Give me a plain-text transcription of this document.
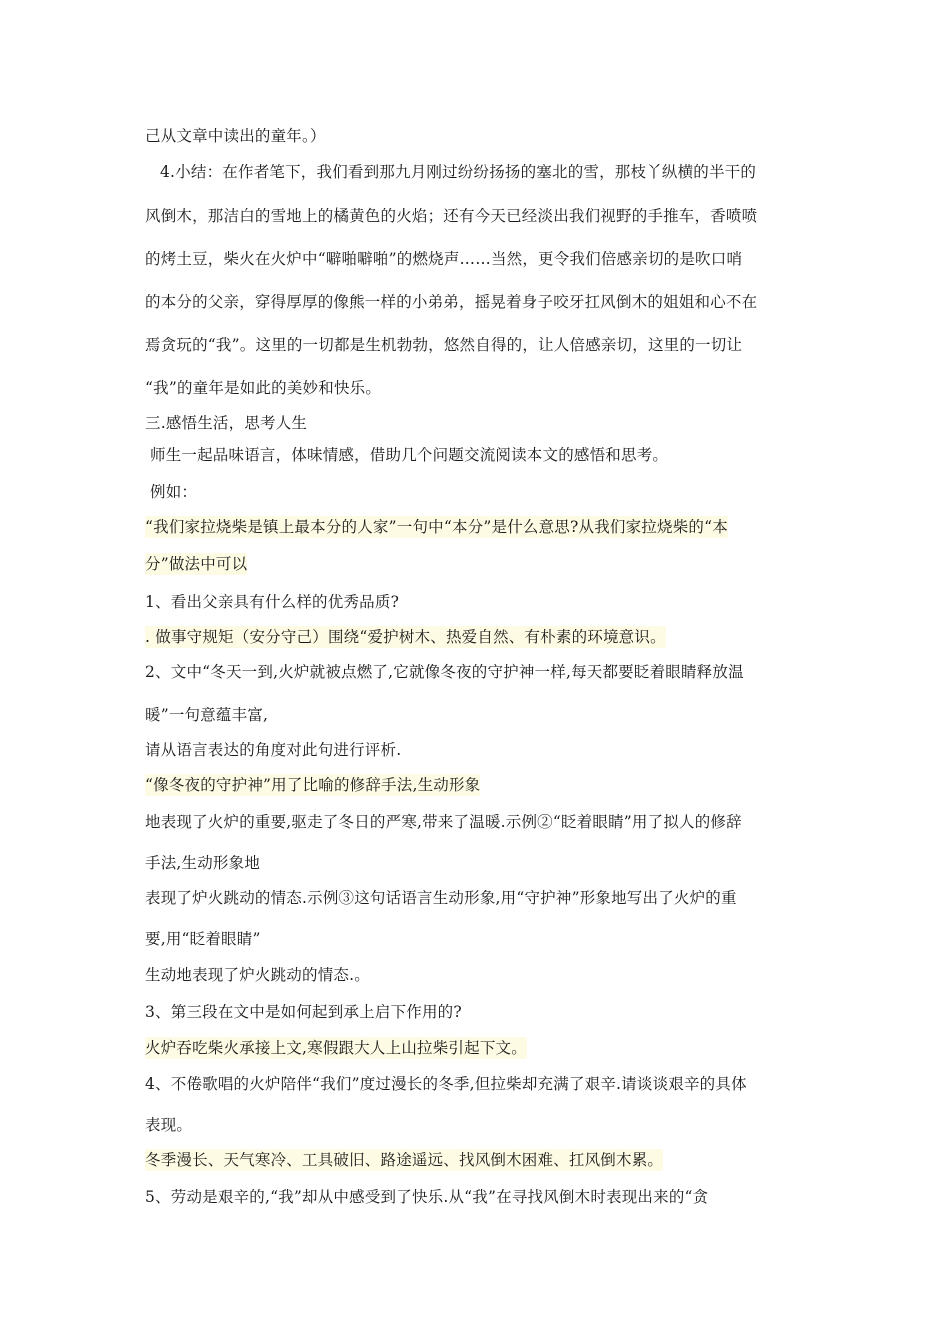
己从文章中读出的童年。）
4.小结：在作者笔下，我们看到那九月刚过纷纷扬扬的塞北的雪，那枝丫纵横的半干的
风倒木，那洁白的雪地上的橘黄色的火焰；还有今天已经淡出我们视野的手推车，香喷喷
的烤土豆，柴火在火炉中“噼啪噼啪”的燃烧声……当然，更令我们倍感亲切的是吹口哨
的本分的父亲，穿得厚厚的像熊一样的小弟弟，摇晃着身子咬牙扛风倒木的姐姐和心不在
焉贪玩的“我”。这里的一切都是生机勃勃，悠然自得的，让人倍感亲切，这里的一切让
“我”的童年是如此的美妙和快乐。
三.感悟生活，思考人生
师生一起品味语言，体味情感，借助几个问题交流阅读本文的感悟和思考。
例如：
“我们家拉烧柴是镇上最本分的人家”一句中“本分”是什么意思?从我们家拉烧柴的“本
分”做法中可以
1、看出父亲具有什么样的优秀品质?
. 做事守规矩（安分守己）围绕“爱护树木、热爱自然、有朴素的环境意识。
2、文中“冬天一到,火炉就被点燃了,它就像冬夜的守护神一样,每天都要眨着眼睛释放温
暖”一句意蕴丰富,
请从语言表达的角度对此句进行评析.
“像冬夜的守护神”用了比喻的修辞手法,生动形象
地表现了火炉的重要,驱走了冬日的严寒,带来了温暖.示例②“眨着眼睛”用了拟人的修辞
手法,生动形象地
表现了炉火跳动的情态.示例③这句话语言生动形象,用“守护神”形象地写出了火炉的重
要,用“眨着眼睛”
生动地表现了炉火跳动的情态.。
3、第三段在文中是如何起到承上启下作用的?
火炉吞吃柴火承接上文,寒假跟大人上山拉柴引起下文。
4、不倦歌唱的火炉陪伴“我们”度过漫长的冬季,但拉柴却充满了艰辛.请谈谈艰辛的具体
表现。
冬季漫长、天气寒冷、工具破旧、路途遥远、找风倒木困难、扛风倒木累。
5、劳动是艰辛的,“我”却从中感受到了快乐.从“我”在寻找风倒木时表现出来的“贪
